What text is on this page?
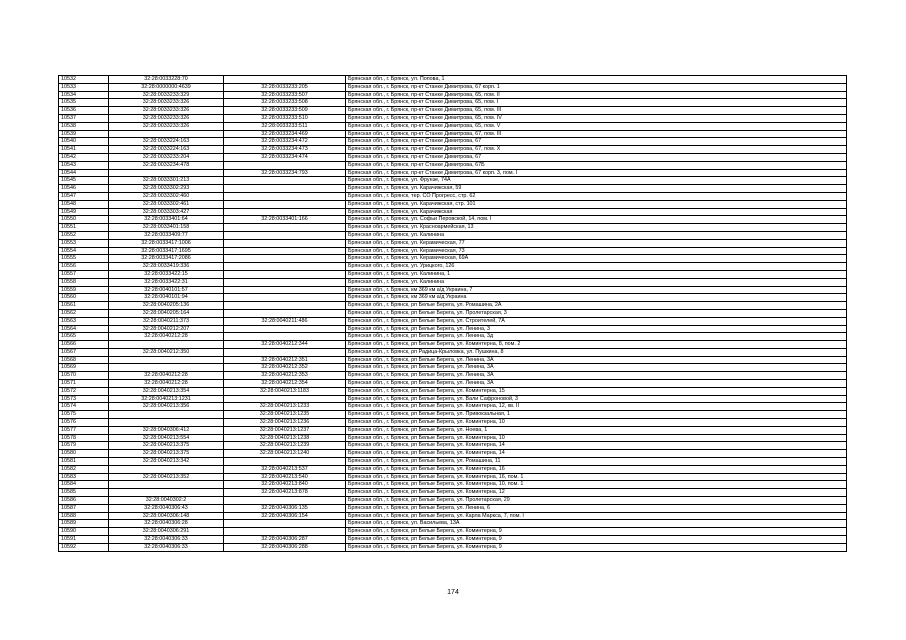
10532	32:28:0033228:70		Брянская обл., г. Брянск, ул. Попова, 1
10533	32:28:0000000:4639	32:28:0033233:205	Брянская обл., г. Брянск, пр-кт Станке Димитрова, 67 корп. 1
10534	32:28:0033233:329	32:28:0033233:507	Брянская обл., г. Брянск, пр-кт Станке Димитрова, 65, пом. II
10535	32:28:0033233:326	32:28:0033233:508	Брянская обл., г. Брянск, пр-кт Станке Димитрова, 65, пом. I
10536	32:28:0033233:326	32:28:0033233:509	Брянская обл., г. Брянск, пр-кт Станке Димитрова, 65, пом. III
10537	32:28:0033233:326	32:28:0033233:510	Брянская обл., г. Брянск, пр-кт Станке Димитрова, 65, пом. IV
10538	32:28:0033233:326	32:28:0033233:511	Брянская обл., г. Брянск, пр-кт Станке Димитрова, 65, пом. V
10539		32:28:0033234:469	Брянская обл., г. Брянск, пр-кт Станке Димитрова, 67, пом. III
10540	32:28:0033224:163	32:28:0033234:472	Брянская обл., г. Брянск, пр-кт Станке Димитрова, 67
10541	32:28:0033224:163	32:28:0033234:473	Брянская обл., г. Брянск, пр-кт Станке Димитрова, 67, пом. X
10542	32:28:0033233:204	32:28:0033234:474	Брянская обл., г. Брянск, пр-кт Станке Димитрова, 67
10543	32:28:0033234:478		Брянская обл., г. Брянск, пр-кт Станке Димитрова, 67Б
10544		32:28:0033234:793	Брянская обл., г. Брянск, пр-кт Станке Димитрова, 67 корп. 3, пом. I
10545	32:28:0033301:213		Брянская обл., г. Брянск, ул. Фрунзе, 74А
10546	32:28:0033302:293		Брянская обл., г. Брянск, ул. Карачижская, 59
10547	32:28:0033302:460		Брянская обл., г. Брянск, тер. СО Прогресс, стр. 62
10548	32:28:0033302:461		Брянская обл., г. Брянск, ул. Карачижская, стр. 101
10549	32:28:0033303:427		Брянская обл., г. Брянск, ул. Карачижская
10550	32:28:0033401:64	32:28:0033401:166	Брянская обл., г. Брянск, ул. Софьи Перовской, 14, пом. I
10551	32:28:0033401:158		Брянская обл., г. Брянск, ул. Красноармейская, 13
10552	32:28:0033409:77		Брянская обл., г. Брянск, ул. Калинина
10553	32:28:0033417:1006		Брянская обл., г. Брянск, ул. Керамическая, 77
10554	32:28:0033417:1695		Брянская обл., г. Брянск, ул. Керамическая, 73
10555	32:28:0033417:2086		Брянская обл., г. Брянск, ул. Керамическая, 69А
10556	32:28:0033419:336		Брянская обл., г. Брянск, ул. Урицкого, 126
10557	32:28:0033422:15		Брянская обл., г. Брянск, ул. Калинина, 1
10558	32:28:0033422:31		Брянская обл., г. Брянск, ул. Калинина
10559	32:28:0040101:57		Брянская обл., г. Брянск, км 369 км а/д Украина, 7
10560	32:28:0040101:94		Брянская обл., г. Брянск, км 369 км а/д Украина
10561	32:28:0040205:136		Брянская обл., г. Брянск, рп Белые Берега, ул. Ромашина, 2А
10562	32:28:0040205:164		Брянская обл., г. Брянск, рп Белые Берега, ул. Пролетарская, 3
10563	32:28:0040211:373	32:28:0040211:486	Брянская обл., г. Брянск, рп Белые Берега, ул. Строителей, 7А
10564	32:28:0040212:207		Брянская обл., г. Брянск, рп Белые Берега, ул. Ленина, 3
10565	32:28:0040212:28		Брянская обл., г. Брянск, рп Белые Берега, ул. Ленина, 3д
10566		32:28:0040212:344	Брянская обл., г. Брянск, рп Белые Берега, ул. Коминтерна, 8, пом. 2
10567	32:28:0040212:350		Брянская обл., г. Брянск, рп Радица-Крыловка, ул. Пушкина, 8
10568		32:28:0040212:351	Брянская обл., г. Брянск, рп Белые Берега, ул. Ленина, 3А
10569		32:28:0040212:352	Брянская обл., г. Брянск, рп Белые Берега, ул. Ленина, 3А
10570	32:28:0040212:28	32:28:0040212:353	Брянская обл., г. Брянск, рп Белые Берега, ул. Ленина, 3А
10571	32:28:0040212:28	32:28:0040212:354	Брянская обл., г. Брянск, рп Белые Берега, ул. Ленина, 3А
10572	32:28:0040213:354	32:28:0040213:1183	Брянская обл., г. Брянск, рп Белые Берега, ул. Коминтерна, 15
10573	32:28:0040213:1231		Брянская обл., г. Брянск, рп Белые Берега, ул. Вали Сафроновой, 3
10574	32:28:0040213:356	32:28:0040213:1233	Брянская обл., г. Брянск, рп Белые Берега, ул. Коминтерна, 12, кв. II
10575		32:28:0040213:1235	Брянская обл., г. Брянск, рп Белые Берега, ул. Привокзальная, 1
10576		32:28:0040213:1236	Брянская обл., г. Брянск, рп Белые Берега, ул. Коминтерна, 10
10577	32:28:0040306:412	32:28:0040213:1237	Брянская обл., г. Брянск, рп Белые Берега, ул. Ноева, 1
10578	32:28:0040213:554	32:28:0040213:1238	Брянская обл., г. Брянск, рп Белые Берега, ул. Коминтерна, 10
10579	32:28:0040213:375	32:28:0040213:1239	Брянская обл., г. Брянск, рп Белые Берега, ул. Коминтерна, 14
10580	32:28:0040213:375	32:28:0040213:1240	Брянская обл., г. Брянск, рп Белые Берега, ул. Коминтерна, 14
10581	32:28:0040213:342		Брянская обл., г. Брянск, рп Белые Берега, ул. Ромашина, 11
10582		32:28:0040213:537	Брянская обл., г. Брянск, рп Белые Берега, ул. Коминтерна, 16
10583	32:28:0040213:352	32:28:0040213:540	Брянская обл., г. Брянск, рп Белые Берега, ул. Коминтерна, 16, пом. 1
10584		32:28:0040213:840	Брянская обл., г. Брянск, рп Белые Берега, ул. Коминтерна, 10, пом. 1
10585		32:28:0040213:878	Брянская обл., г. Брянск, рп Белые Берега, ул. Коминтерна, 12
10586	32:28:0040302:2		Брянская обл., г. Брянск, рп Белые Берега, ул. Пролетарская, 29
10587	32:28:0040306:43	32:28:0040306:135	Брянская обл., г. Брянск, рп Белые Берега, ул. Ленина, 6
10588	32:28:0040306:148	32:28:0040306:154	Брянская обл., г. Брянск, рп Белые Берега, ул. Карла Маркса, 7, пом. I
10589	32:28:0040306:28		Брянская обл., г. Брянск, ул. Васильева, 13А
10590	32:28:0040306:291		Брянская обл., г. Брянск, рп Белые Берега, ул. Коминтерна, 9
10591	32:28:0040306:33	32:28:0040306:287	Брянская обл., г. Брянск, рп Белые Берега, ул. Коминтерна, 9
10592	32:28:0040306:33	32:28:0040306:288	Брянская обл., г. Брянск, рп Белые Берега, ул. Коминтерна, 9
174
